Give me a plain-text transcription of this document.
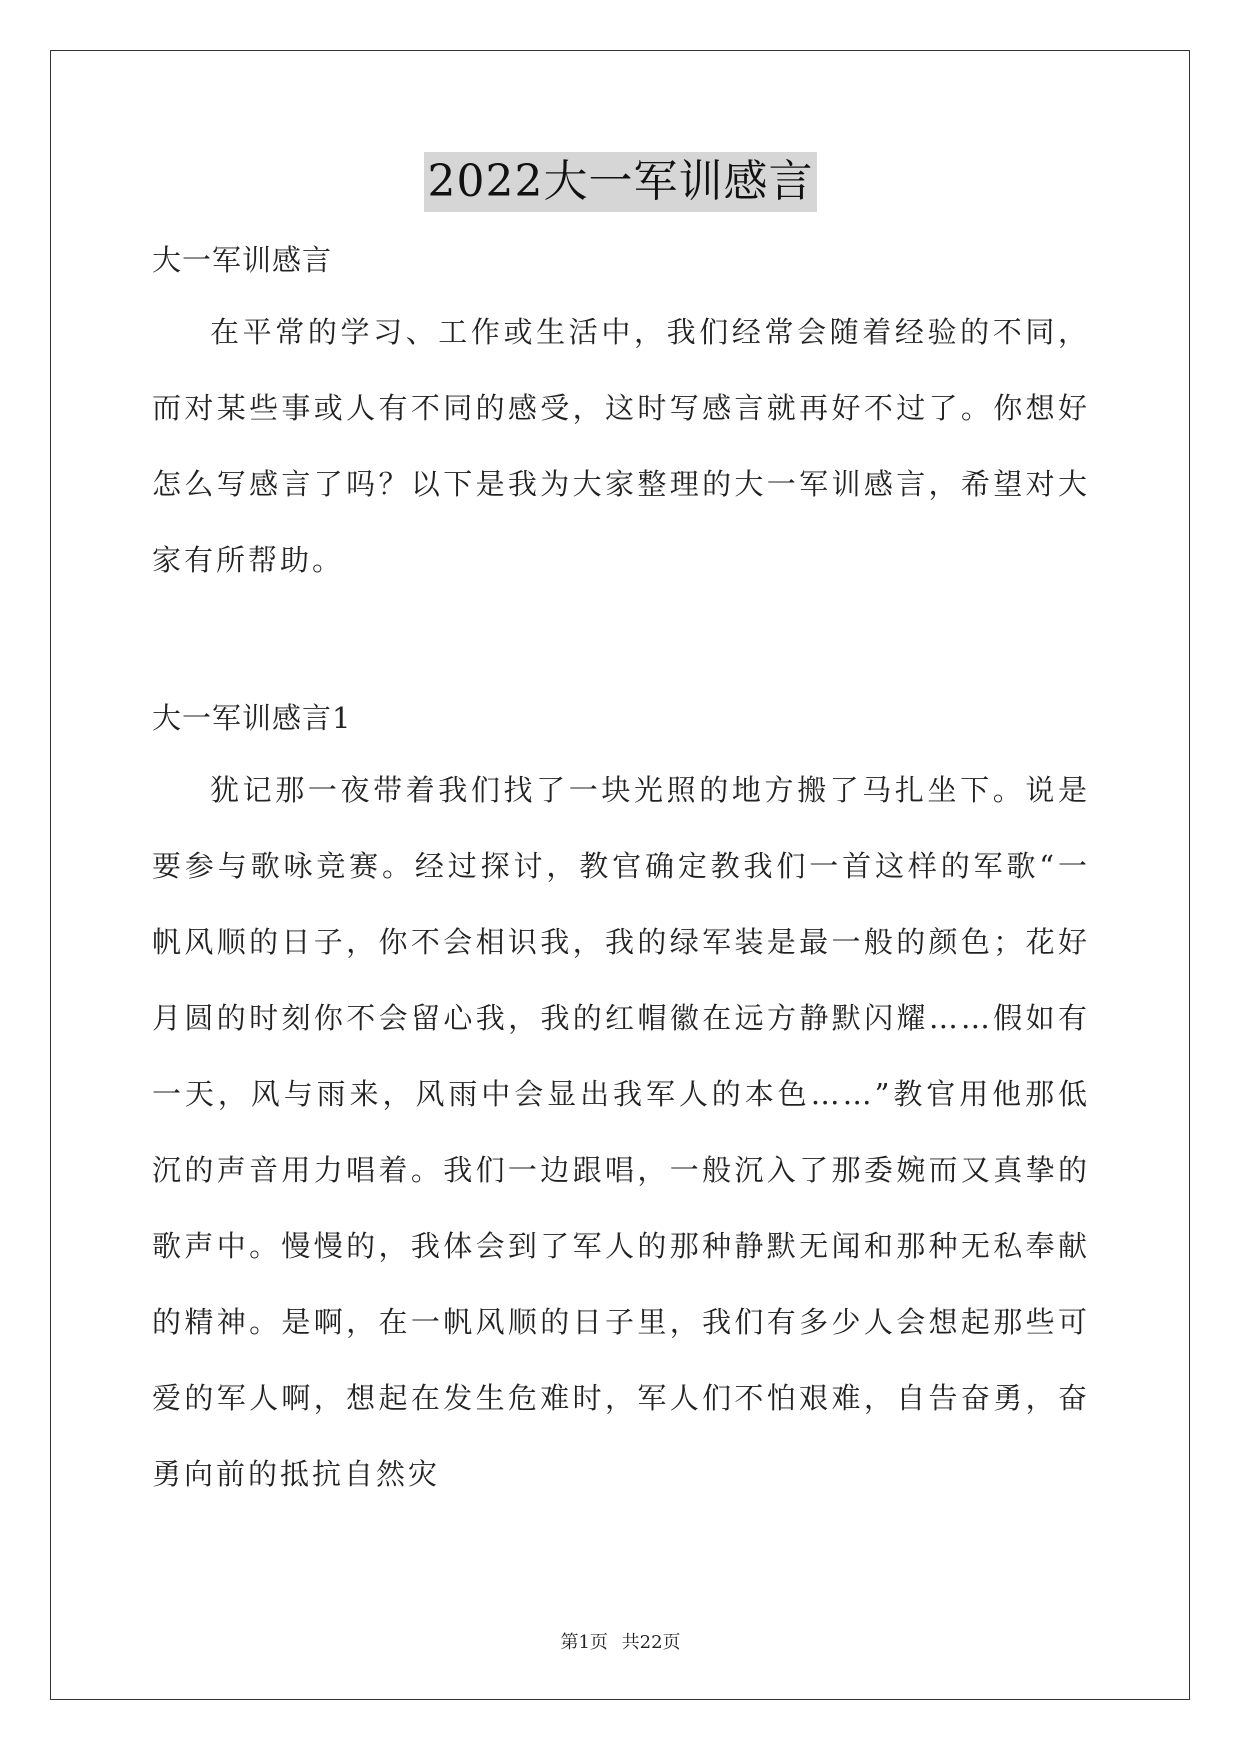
2022大一军训感言

大一军训感言

在平常的学习、工作或生活中，我们经常会随着经验的不同，而对某些事或人有不同的感受，这时写感言就再好不过了。你想好怎么写感言了吗？以下是我为大家整理的大一军训感言，希望对大家有所帮助。

大一军训感言1

犹记那一夜带着我们找了一块光照的地方搬了马扎坐下。说是要参与歌咏竞赛。经过探讨，教官确定教我们一首这样的军歌“一帆风顺的日子，你不会相识我，我的绿军装是最一般的颜色；花好月圆的时刻你不会留心我，我的红帽徽在远方静默闪耀……假如有一天，风与雨来，风雨中会显出我军人的本色……”教官用他那低沉的声音用力唱着。我们一边跟唱，一般沉入了那委婉而又真挚的歌声中。慢慢的，我体会到了军人的那种静默无闻和那种无私奉献的精神。是啊，在一帆风顺的日子里，我们有多少人会想起那些可爱的军人啊，想起在发生危难时，军人们不怕艰难，自告奋勇，奋勇向前的抵抗自然灾

第1页 共22页
